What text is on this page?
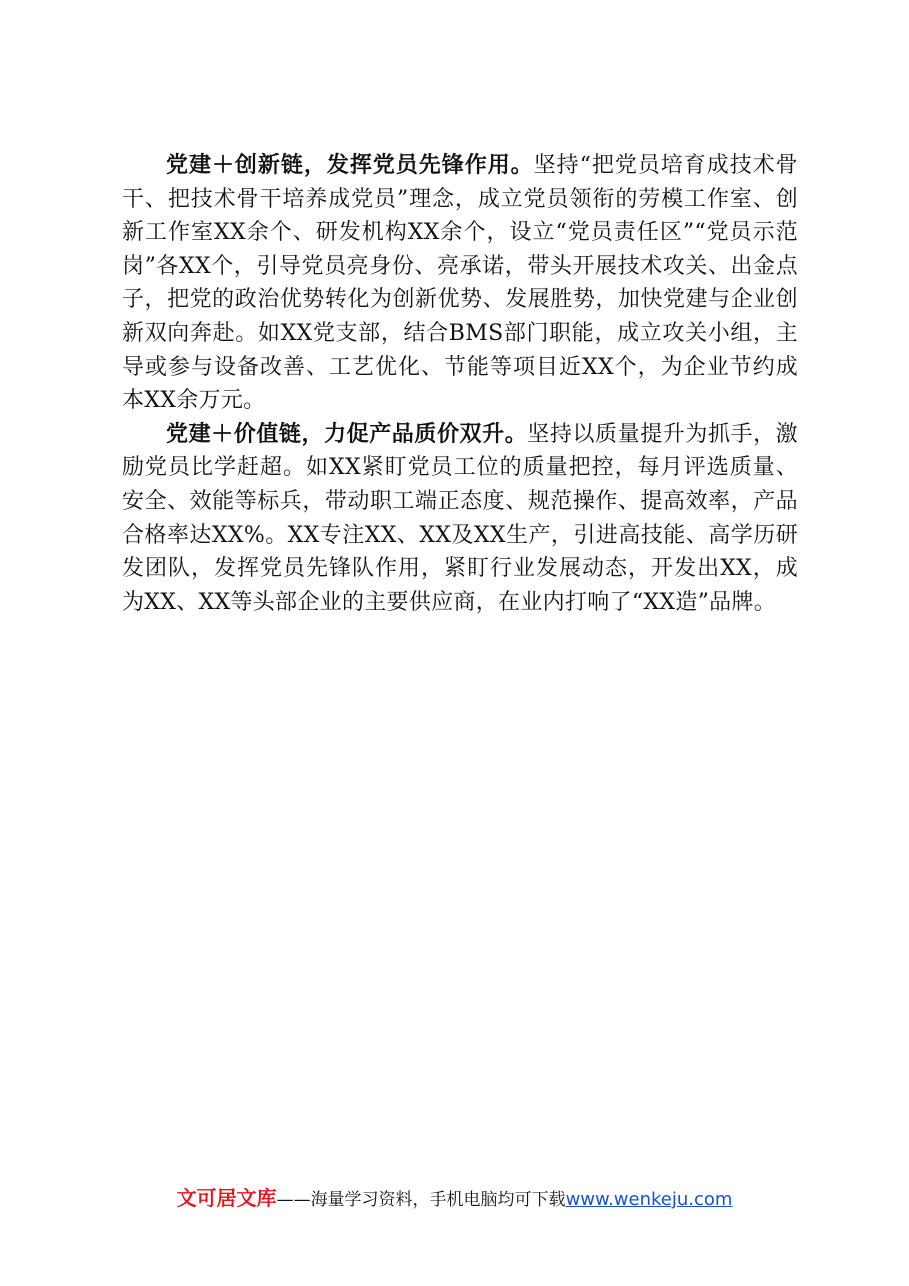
党建＋创新链，发挥党员先锋作用。坚持“把党员培育成技术骨干、把技术骨干培养成党员”理念，成立党员领衔的劳模工作室、创新工作室XX余个、研发机构XX余个，设立“党员责任区”“党员示范岗”各XX个，引导党员亮身份、亮承诺，带头开展技术攻关、出金点子，把党的政治优势转化为创新优势、发展胜势，加快党建与企业创新双向奔赴。如XX党支部，结合BMS部门职能，成立攻关小组，主导或参与设备改善、工艺优化、节能等项目近XX个，为企业节约成本XX余万元。

党建＋价值链，力促产品质价双升。坚持以质量提升为抓手，激励党员比学赶超。如XX紧盯党员工位的质量把控，每月评选质量、安全、效能等标兵，带动职工端正态度、规范操作、提高效率，产品合格率达XX%。XX专注XX、XX及XX生产，引进高技能、高学历研发团队，发挥党员先锋队作用，紧盯行业发展动态，开发出XX，成为XX、XX等头部企业的主要供应商，在业内打响了“XX造”品牌。

文可居文库——海量学习资料，手机电脑均可下载www.wenkeju.com
